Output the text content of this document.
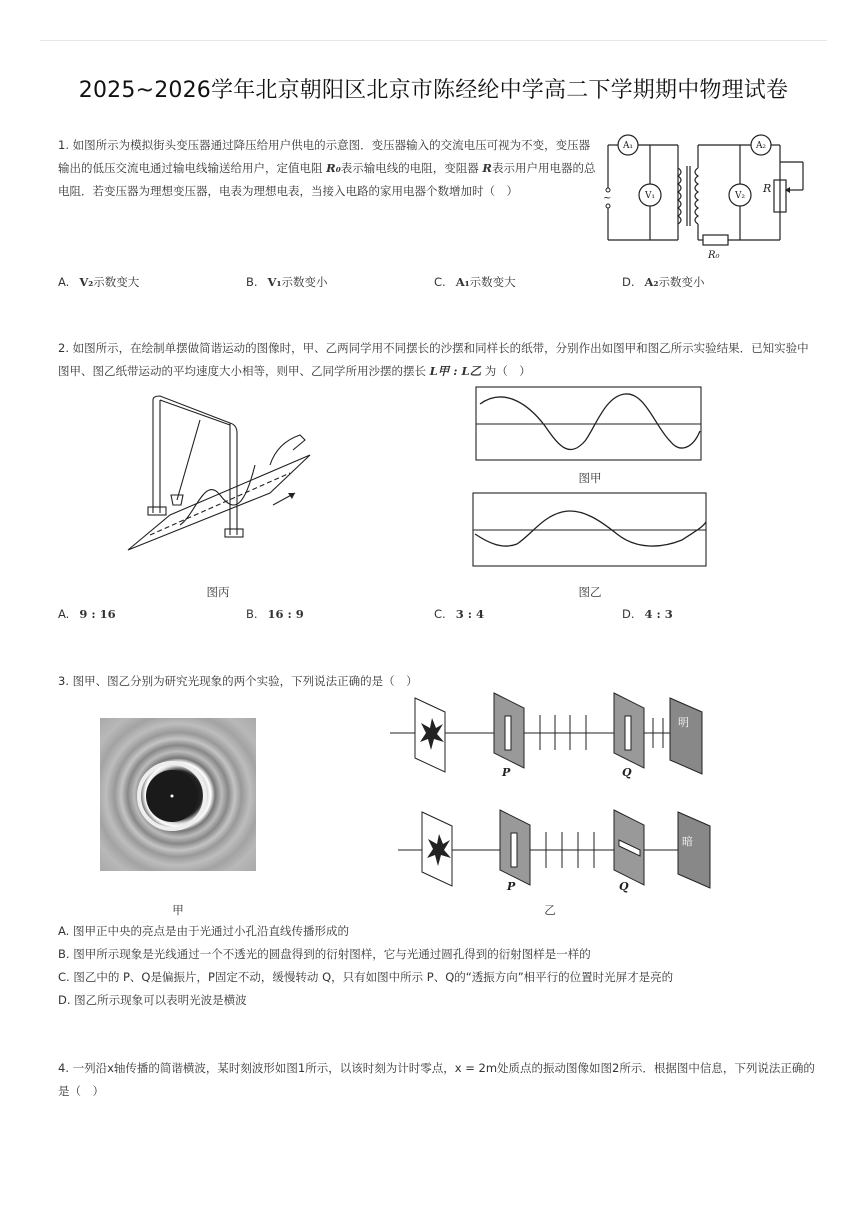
2025~2026学年北京朝阳区北京市陈经纶中学高二下学期期中物理试卷
1. 如图所示为模拟街头变压器通过降压给用户供电的示意图．变压器输入的交流电压可视为不变，变压器
输出的低压交流电通过输电线输送给用户，定值电阻 R₀表示输电线的电阻，变阻器 R表示用户用电器的总
电阻．若变压器为理想变压器，电表为理想电表，当接入电路的家用电器个数增加时（　）
A₁	A₂
V₁	V₂
R
R₀
~
A. V₂示数变大	B. V₁示数变小	C. A₁示数变大	D. A₂示数变小
2. 如图所示，在绘制单摆做简谐运动的图像时，甲、乙两同学用不同摆长的沙摆和同样长的纸带，分别作出如图甲和图乙所示实验结果．已知实验中
图甲、图乙纸带运动的平均速度大小相等，则甲、乙同学所用沙摆的摆长 L甲 : L乙 为（　）
图甲
图乙
图丙
A. 9 : 16	B. 16 : 9	C. 3 : 4	D. 4 : 3
3. 图甲、图乙分别为研究光现象的两个实验，下列说法正确的是（　）
甲
P	Q
P	Q
明
暗
乙
A. 图甲正中央的亮点是由于光通过小孔沿直线传播形成的
B. 图甲所示现象是光线通过一个不透光的圆盘得到的衍射图样，它与光通过圆孔得到的衍射图样是一样的
C. 图乙中的 P、Q是偏振片，P固定不动，缓慢转动 Q，只有如图中所示 P、Q的“透振方向”相平行的位置时光屏才是亮的
D. 图乙所示现象可以表明光波是横波
4. 一列沿x轴传播的简谐横波，某时刻波形如图1所示，以该时刻为计时零点，x = 2m处质点的振动图像如图2所示．根据图中信息，下列说法正确的
是（　）
